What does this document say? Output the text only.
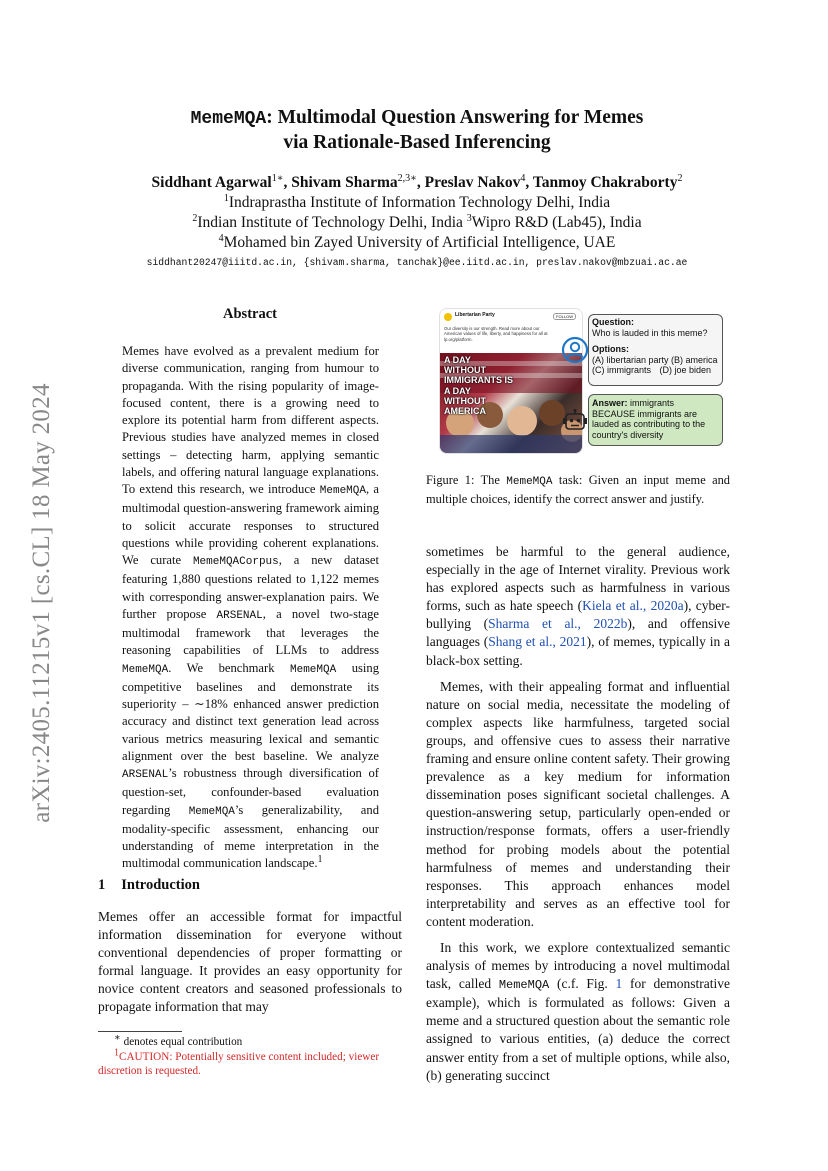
arXiv:2405.11215v1 [cs.CL] 18 May 2024
MemeMQA: Multimodal Question Answering for Memes
via Rationale-Based Inferencing
Siddhant Agarwal$^{1∗}$, Shivam Sharma$^{2,3∗}$, Preslav Nakov$^4$, Tanmoy Chakraborty$^2$
$^1$Indraprastha Institute of Information Technology Delhi, India
$^2$Indian Institute of Technology Delhi, India $^3$Wipro R&D (Lab45), India
$^4$Mohamed bin Zayed University of Artificial Intelligence, UAE
siddhant20247@iiitd.ac.in, {shivam.sharma, tanchak}@ee.iitd.ac.in, preslav.nakov@mbzuai.ac.ae
Abstract
Memes have evolved as a prevalent medium for diverse communication, ranging from humour to propaganda. With the rising popularity of image-focused content, there is a growing need to explore its potential harm from different aspects. Previous studies have analyzed memes in closed settings – detecting harm, applying semantic labels, and offering natural language explanations. To extend this research, we introduce MemeMQA, a multimodal question-answering framework aiming to solicit accurate responses to structured questions while providing coherent explanations. We curate MemeMQACorpus, a new dataset featuring 1,880 questions related to 1,122 memes with corresponding answer-explanation pairs. We further propose ARSENAL, a novel two-stage multimodal framework that leverages the reasoning capabilities of LLMs to address MemeMQA. We benchmark MemeMQA using competitive baselines and demonstrate its superiority – ∼18% enhanced answer prediction accuracy and distinct text generation lead across various metrics measuring lexical and semantic alignment over the best baseline. We analyze ARSENAL’s robustness through diversification of question-set, confounder-based evaluation regarding MemeMQA’s generalizability, and modality-specific assessment, enhancing our understanding of meme interpretation in the multimodal communication landscape.$^1$
1 Introduction
Memes offer an accessible format for impactful information dissemination for everyone without conventional dependencies of proper formatting or formal language. It provides an easy opportunity for novice content creators and seasoned professionals to propagate information that may
∗ denotes equal contribution
$^1$CAUTION: Potentially sensitive content included; viewer discretion is requested.
Libertarian Party	FOLLOW
Our diversity is our strength. Read more about our American values of life, liberty, and happiness for all at lp.org/platform.
A DAY WITHOUT IMMIGRANTS IS
A DAY WITHOUT AMERICA
Question:
Who is lauded in this meme?
Options:
(A) libertarian party (B) america
(C) immigrants (D) joe biden
Answer: immigrants BECAUSE immigrants are lauded as contributing to the country's diversity
Figure 1: The MemeMQA task: Given an input meme and multiple choices, identify the correct answer and justify.

sometimes be harmful to the general audience, especially in the age of Internet virality. Previous work has explored aspects such as harmfulness in various forms, such as hate speech (Kiela et al., 2020a), cyber-bullying (Sharma et al., 2022b), and offensive languages (Shang et al., 2021), of memes, typically in a black-box setting.

Memes, with their appealing format and influential nature on social media, necessitate the modeling of complex aspects like harmfulness, targeted social groups, and offensive cues to assess their narrative framing and ensure online content safety. Their growing prevalence as a key medium for information dissemination poses significant societal challenges. A question-answering setup, particularly open-ended or instruction/response formats, offers a user-friendly method for probing models about the potential harmfulness of memes and understanding their responses. This approach enhances model interpretability and serves as an effective tool for content moderation.

In this work, we explore contextualized semantic analysis of memes by introducing a novel multimodal task, called MemeMQA (c.f. Fig. 1 for demonstrative example), which is formulated as follows: Given a meme and a structured question about the semantic role assigned to various entities, (a) deduce the correct answer entity from a set of multiple options, while also, (b) generating succinct
